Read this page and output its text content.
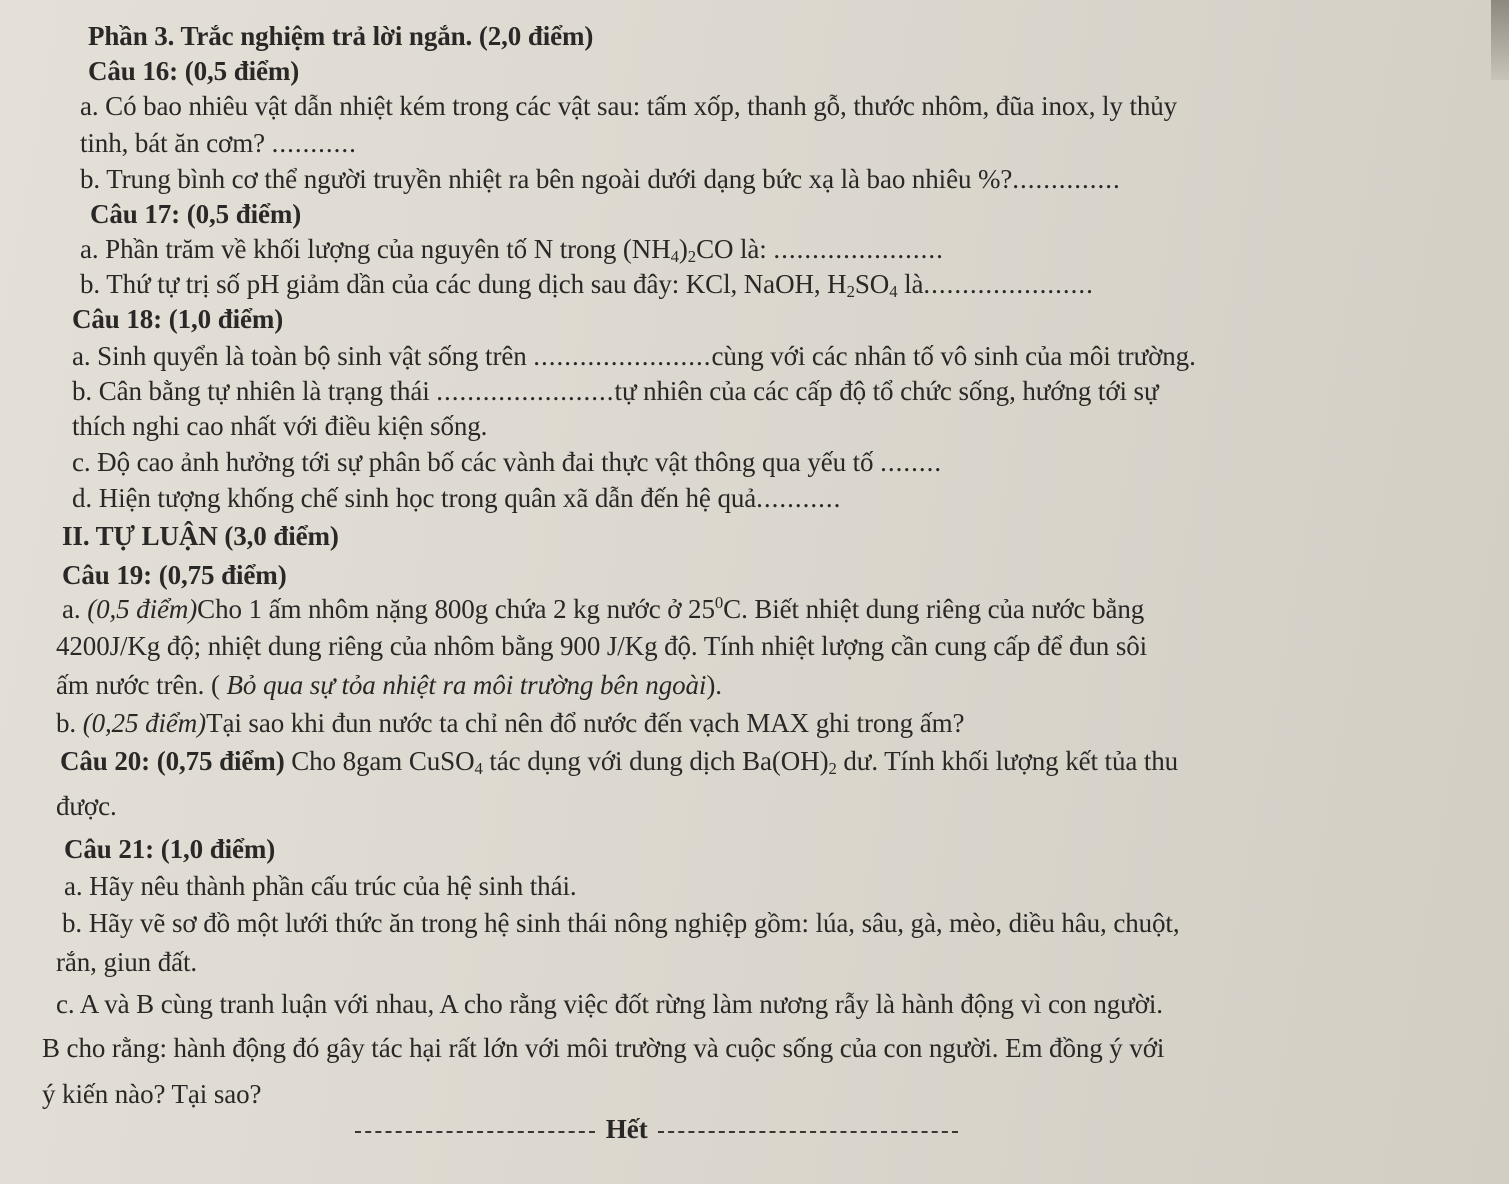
Phần 3. Trắc nghiệm trả lời ngắn. (2,0 điểm)
Câu 16: (0,5 điểm)
a. Có bao nhiêu vật dẫn nhiệt kém trong các vật sau: tấm xốp, thanh gỗ, thước nhôm, đũa inox, ly thủy
tinh, bát ăn cơm? ...........
b. Trung bình cơ thể người truyền nhiệt ra bên ngoài dưới dạng bức xạ là bao nhiêu %?..............
Câu 17: (0,5 điểm)
a. Phần trăm về khối lượng của nguyên tố N trong $(NH_4)_2CO$ là: ......................
b. Thứ tự trị số pH giảm dần của các dung dịch sau đây: KCl, NaOH, $H_2SO_4$ là......................
Câu 18: (1,0 điểm)
a. Sinh quyển là toàn bộ sinh vật sống trên .......................cùng với các nhân tố vô sinh của môi trường.
b. Cân bằng tự nhiên là trạng thái .......................tự nhiên của các cấp độ tổ chức sống, hướng tới sự
thích nghi cao nhất với điều kiện sống.
c. Độ cao ảnh hưởng tới sự phân bố các vành đai thực vật thông qua yếu tố ........
d. Hiện tượng khống chế sinh học trong quân xã dẫn đến hệ quả...........
II. TỰ LUẬN (3,0 điểm)
Câu 19: (0,75 điểm)
a. (0,5 điểm)Cho 1 ấm nhôm nặng 800g chứa 2 kg nước ở $25^0C$. Biết nhiệt dung riêng của nước bằng
4200J/Kg độ; nhiệt dung riêng của nhôm bằng 900 J/Kg độ. Tính nhiệt lượng cần cung cấp để đun sôi
ấm nước trên. ( Bỏ qua sự tỏa nhiệt ra môi trường bên ngoài).
b. (0,25 điểm)Tại sao khi đun nước ta chỉ nên đổ nước đến vạch MAX ghi trong ấm?
Câu 20: (0,75 điểm) Cho 8gam CuSO$_4$ tác dụng với dung dịch $Ba(OH)_2$ dư. Tính khối lượng kết tủa thu
được.
Câu 21: (1,0 điểm)
a. Hãy nêu thành phần cấu trúc của hệ sinh thái.
b. Hãy vẽ sơ đồ một lưới thức ăn trong hệ sinh thái nông nghiệp gồm: lúa, sâu, gà, mèo, diều hâu, chuột,
rắn, giun đất.
c. A và B cùng tranh luận với nhau, A cho rằng việc đốt rừng làm nương rẫy là hành động vì con người.
B cho rằng: hành động đó gây tác hại rất lớn với môi trường và cuộc sống của con người. Em đồng ý với
ý kiến nào? Tại sao?
Hết
